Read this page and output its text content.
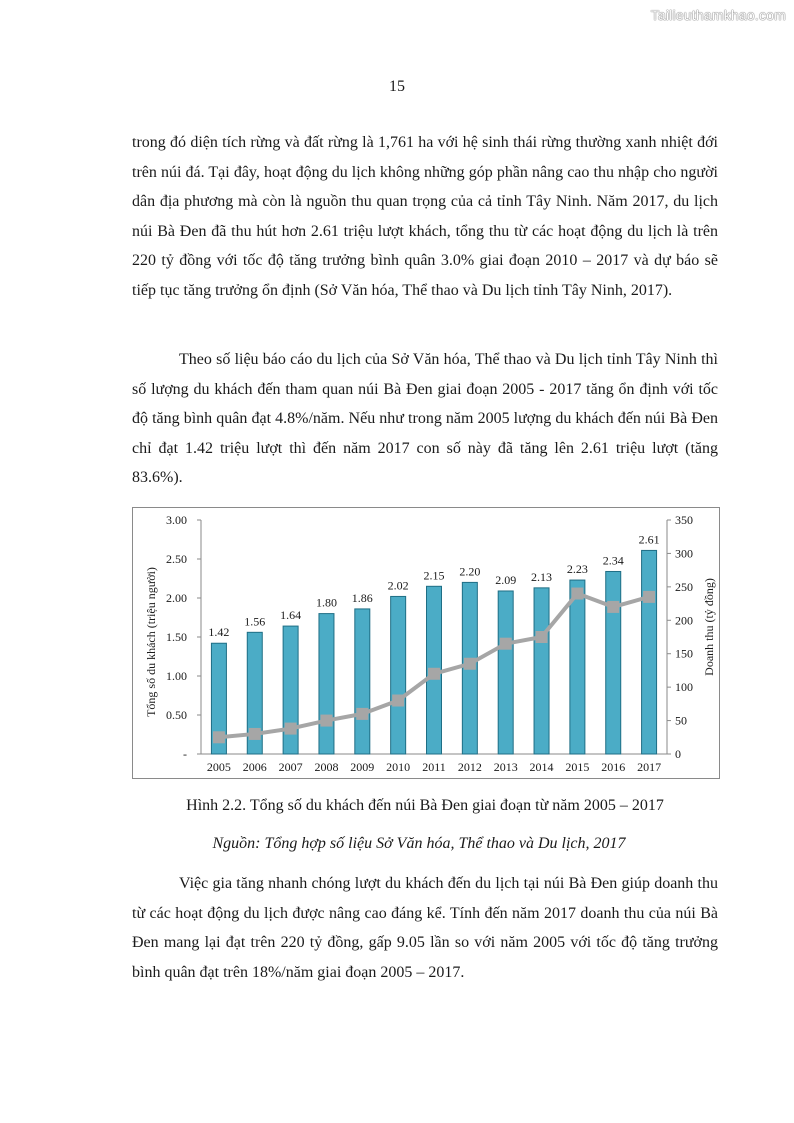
Tailieuthamkhao.com
15

trong đó diện tích rừng và đất rừng là 1,761 ha với hệ sinh thái rừng thường xanh nhiệt đới trên núi đá. Tại đây, hoạt động du lịch không những góp phần nâng cao thu nhập cho người dân địa phương mà còn là nguồn thu quan trọng của cả tỉnh Tây Ninh. Năm 2017, du lịch núi Bà Đen đã thu hút hơn 2.61 triệu lượt khách, tổng thu từ các hoạt động du lịch là trên 220 tỷ đồng với tốc độ tăng trưởng bình quân 3.0% giai đoạn 2010 – 2017 và dự báo sẽ tiếp tục tăng trưởng ổn định (Sở Văn hóa, Thể thao và Du lịch tỉnh Tây Ninh, 2017).

Theo số liệu báo cáo du lịch của Sở Văn hóa, Thể thao và Du lịch tỉnh Tây Ninh thì số lượng du khách đến tham quan núi Bà Đen giai đoạn 2005 - 2017 tăng ổn định với tốc độ tăng bình quân đạt 4.8%/năm. Nếu như trong năm 2005 lượng du khách đến núi Bà Đen chỉ đạt 1.42 triệu lượt thì đến năm 2017 con số này đã tăng lên 2.61 triệu lượt (tăng 83.6%).

-
0.50
1.00
1.50
2.00
2.50
3.00
0
50
100
150
200
250
300
350
1.42
2005
1.56
2006
1.64
2007
1.80
2008
1.86
2009
2.02
2010
2.15
2011
2.20
2012
2.09
2013
2.13
2014
2.23
2015
2.34
2016
2.61
2017
Tổng số du khách (triệu người)	Doanh thu (tỷ đồng)
Hình 2.2. Tổng số du khách đến núi Bà Đen giai đoạn từ năm 2005 – 2017
Nguồn: Tổng hợp số liệu Sở Văn hóa, Thể thao và Du lịch, 2017

Việc gia tăng nhanh chóng lượt du khách đến du lịch tại núi Bà Đen giúp doanh thu từ các hoạt động du lịch được nâng cao đáng kể. Tính đến năm 2017 doanh thu của núi Bà Đen mang lại đạt trên 220 tỷ đồng, gấp 9.05 lần so với năm 2005 với tốc độ tăng trưởng bình quân đạt trên 18%/năm giai đoạn 2005 – 2017.
